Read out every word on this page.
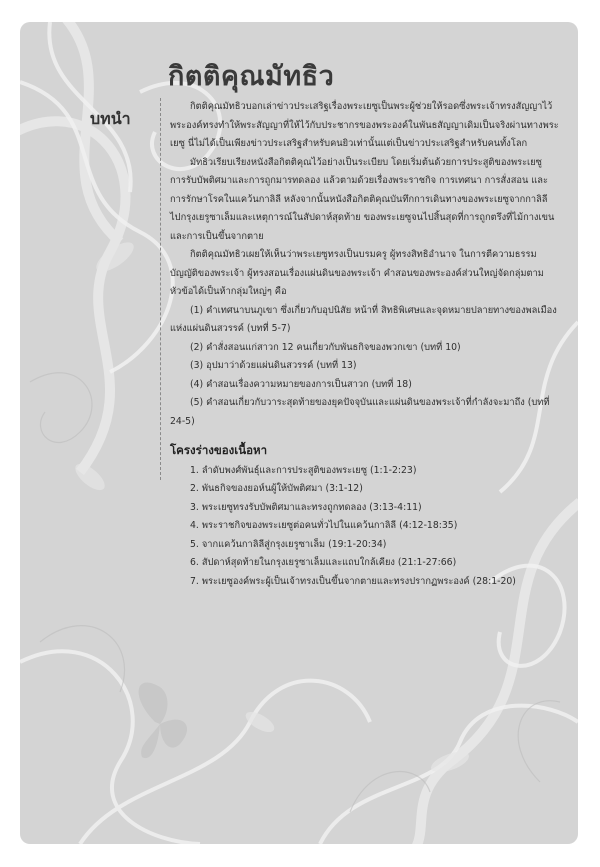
กิตติคุณมัทธิว
บทนำ

กิตติคุณมัทธิวบอกเล่าข่าวประเสริฐเรื่องพระเยซูเป็นพระผู้ช่วยให้รอดซึ่งพระเจ้าทรงสัญญาไว้ พระองค์ทรงทำให้พระสัญญาที่ให้ไว้กับประชากรของพระองค์ในพันธสัญญาเดิมเป็นจริงผ่านทางพระเยซู นี่ไม่ได้เป็นเพียงข่าวประเสริฐสำหรับคนยิวเท่านั้นแต่เป็นข่าวประเสริฐสำหรับคนทั้งโลก

มัทธิวเรียบเรียงหนังสือกิตติคุณไว้อย่างเป็นระเบียบ โดยเริ่มต้นด้วยการประสูติของพระเยซู การรับบัพติศมาและการถูกมารทดลอง แล้วตามด้วยเรื่องพระราชกิจ การเทศนา การสั่งสอน และการรักษาโรคในแคว้นกาลิลี หลังจากนั้นหนังสือกิตติคุณบันทึกการเดินทางของพระเยซูจากกาลิลี ไปกรุงเยรูซาเล็มและเหตุการณ์ในสัปดาห์สุดท้าย ของพระเยซูจนไปสิ้นสุดที่การถูกตรึงที่ไม้กางเขนและการเป็นขึ้นจากตาย

กิตติคุณมัทธิวเผยให้เห็นว่าพระเยซูทรงเป็นบรมครู ผู้ทรงสิทธิอำนาจ ในการตีความธรรมบัญญัติของพระเจ้า ผู้ทรงสอนเรื่องแผ่นดินของพระเจ้า คำสอนของพระองค์ส่วนใหญ่จัดกลุ่มตามหัวข้อได้เป็นห้ากลุ่มใหญ่ๆ คือ

(1) คำเทศนาบนภูเขา ซึ่งเกี่ยวกับอุปนิสัย หน้าที่ สิทธิพิเศษและจุดหมายปลายทางของพลเมืองแห่งแผ่นดินสวรรค์ (บทที่ 5-7)
(2) คำสั่งสอนแก่สาวก 12 คนเกี่ยวกับพันธกิจของพวกเขา (บทที่ 10)
(3) อุปมาว่าด้วยแผ่นดินสวรรค์ (บทที่ 13)
(4) คำสอนเรื่องความหมายของการเป็นสาวก (บทที่ 18)
(5) คำสอนเกี่ยวกับวาระสุดท้ายของยุคปัจจุบันและแผ่นดินของพระเจ้าที่กำลังจะมาถึง (บทที่ 24-5)
โครงร่างของเนื้อหา
1. ลำดับพงศ์พันธุ์และการประสูติของพระเยซู (1:1-2:23)
2. พันธกิจของยอห์นผู้ให้บัพติศมา (3:1-12)
3. พระเยซูทรงรับบัพติศมาและทรงถูกทดลอง (3:13-4:11)
4. พระราชกิจของพระเยซูต่อคนทั่วไปในแคว้นกาลิลี (4:12-18:35)
5. จากแคว้นกาลิลีสู่กรุงเยรูซาเล็ม (19:1-20:34)
6. สัปดาห์สุดท้ายในกรุงเยรูซาเล็มและแถบใกล้เคียง (21:1-27:66)
7. พระเยซูองค์พระผู้เป็นเจ้าทรงเป็นขึ้นจากตายและทรงปรากฏพระองค์ (28:1-20)
